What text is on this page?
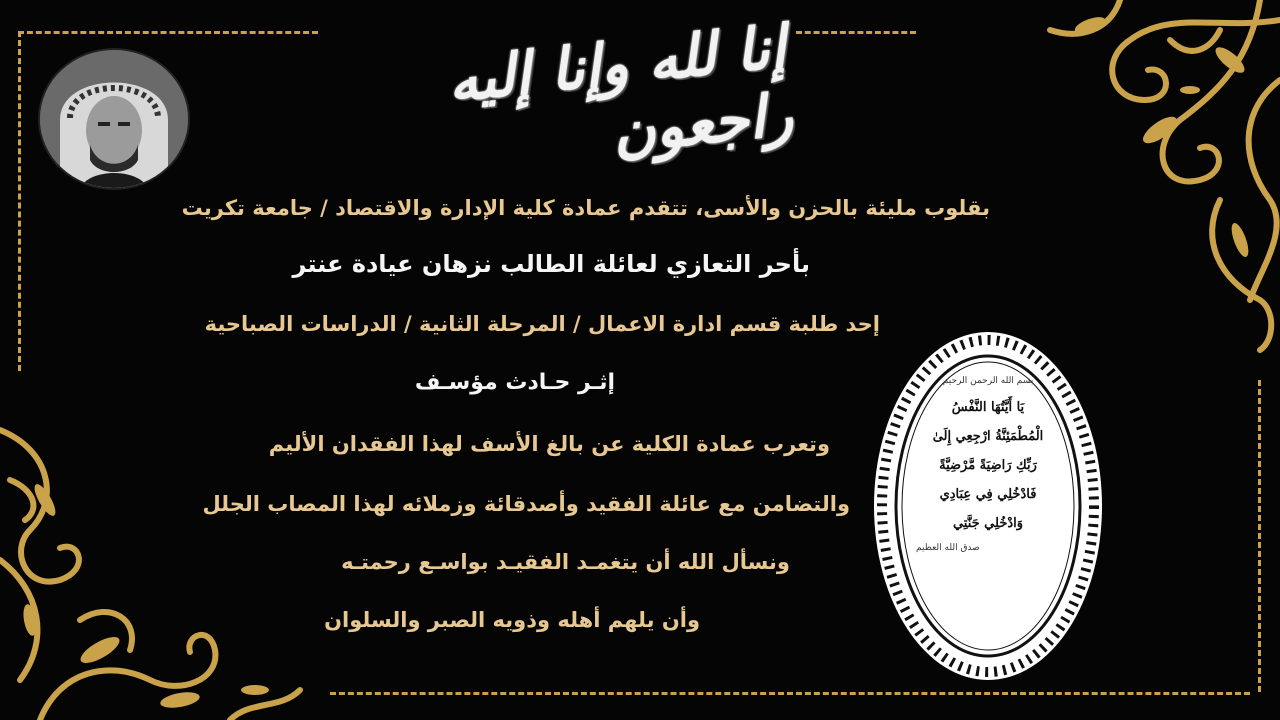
إنا لله وإنا إليه راجعون
بقلوب مليئة بالحزن والأسى، تتقدم عمادة كلية الإدارة والاقتصاد / جامعة تكريت
بأحر التعازي لعائلة الطالب نزهان عيادة عنتر
إحد طلبة قسم ادارة الاعمال / المرحلة الثانية / الدراسات الصباحية
إثـر حـادث مؤسـف
وتعرب عمادة الكلية عن بالغ الأسف لهذا الفقدان الأليم
والتضامن مع عائلة الفقيد وأصدقائة وزملائه لهذا المصاب الجلل
ونسأل الله أن يتغمـد الفقيـد بواسـع رحمتـه
وأن يلهم أهله وذويه الصبر والسلوان
بسم الله الرحمن الرحيم
يَا أَيَّتُهَا النَّفْسُ
الْمُطْمَئِنَّةُ ارْجِعِي إِلَىٰ
رَبِّكِ رَاضِيَةً مَّرْضِيَّةً
فَادْخُلِي فِي عِبَادِي
وَادْخُلِي جَنَّتِي
صدق الله العظيم
